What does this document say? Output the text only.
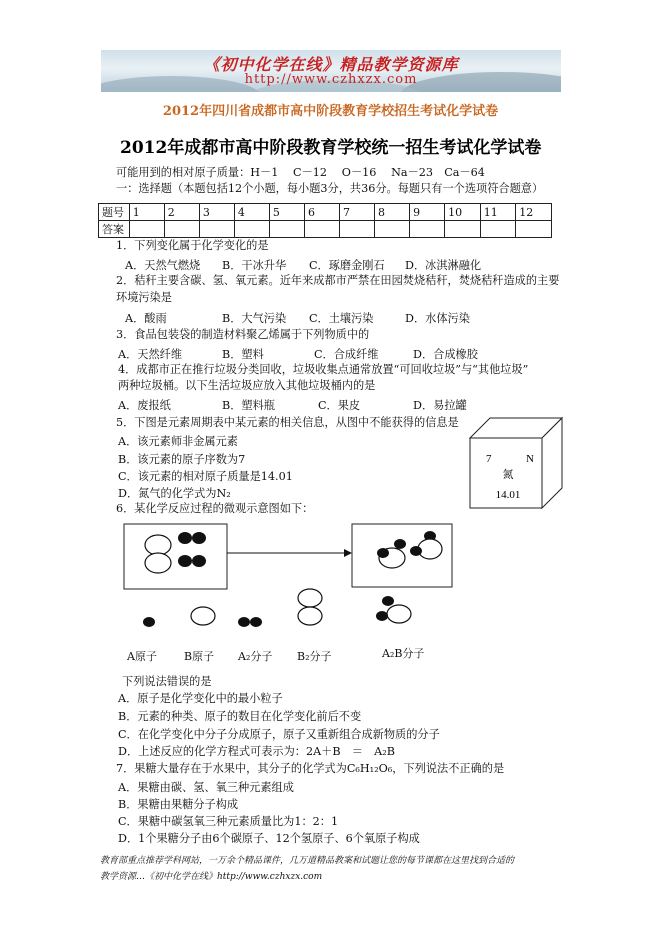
《初中化学在线》精品教学资源库
http://www.czhxzx.com
2012年四川省成都市高中阶段教育学校招生考试化学试卷
2012年成都市高中阶段教育学校统一招生考试化学试卷
可能用到的相对原子质量：H－1　 C－12　 O－16　 Na－23　Ca－64
一：选择题（本题包括12个小题，每小题3分，共36分。每题只有一个选项符合题意）
题号	1	2	3	4	5	6	7	8	9	10	11	12
答案												
1．下列变化属于化学变化的是
A．天然气燃烧 B．干冰升华 C．琢磨金刚石 D．冰淇淋融化
2．秸秆主要含碳、氢、氧元素。近年来成都市严禁在田园焚烧秸秆，焚烧秸秆造成的主要
环境污染是
A．酸雨	B．大气污染 C．土壤污染	D．水体污染
3．食品包装袋的制造材料聚乙烯属于下列物质中的
A．天然纤维	B．塑料	C．合成纤维	D．合成橡胶
4．成都市正在推行垃圾分类回收，垃圾收集点通常放置“可回收垃圾”与“其他垃圾”
两种垃圾桶。以下生活垃圾应放入其他垃圾桶内的是
A．废报纸	B．塑料瓶	C．果皮	D．易拉罐
5．下图是元素周期表中某元素的相关信息，从图中不能获得的信息是
A．该元素师非金属元素
B．该元素的原子序数为7
C．该元素的相对原子质量是14.01
D．氮气的化学式为N₂
7	N
氮
14.01
6．某化学反应过程的微观示意图如下：
A原子 B原子 A₂分子 B₂分子	A₂B分子
下列说法错误的是
A．原子是化学变化中的最小粒子
B．元素的种类、原子的数目在化学变化前后不变
C．在化学变化中分子分成原子，原子又重新组合成新物质的分子
D．上述反应的化学方程式可表示为：2A＋B　＝　A₂B
7．果糖大量存在于水果中，其分子的化学式为C₆H₁₂O₆，下列说法不正确的是
A．果糖由碳、氢、氧三种元素组成
B．果糖由果糖分子构成
C．果糖中碳氢氧三种元素质量比为1：2：1
D．1个果糖分子由6个碳原子、12个氢原子、6个氧原子构成
教育部重点推荐学科网站，一万余个精品课件，几万道精品教案和试题让您的每节课都在这里找到合适的
教学资源…《初中化学在线》http://www.czhxzx.com
